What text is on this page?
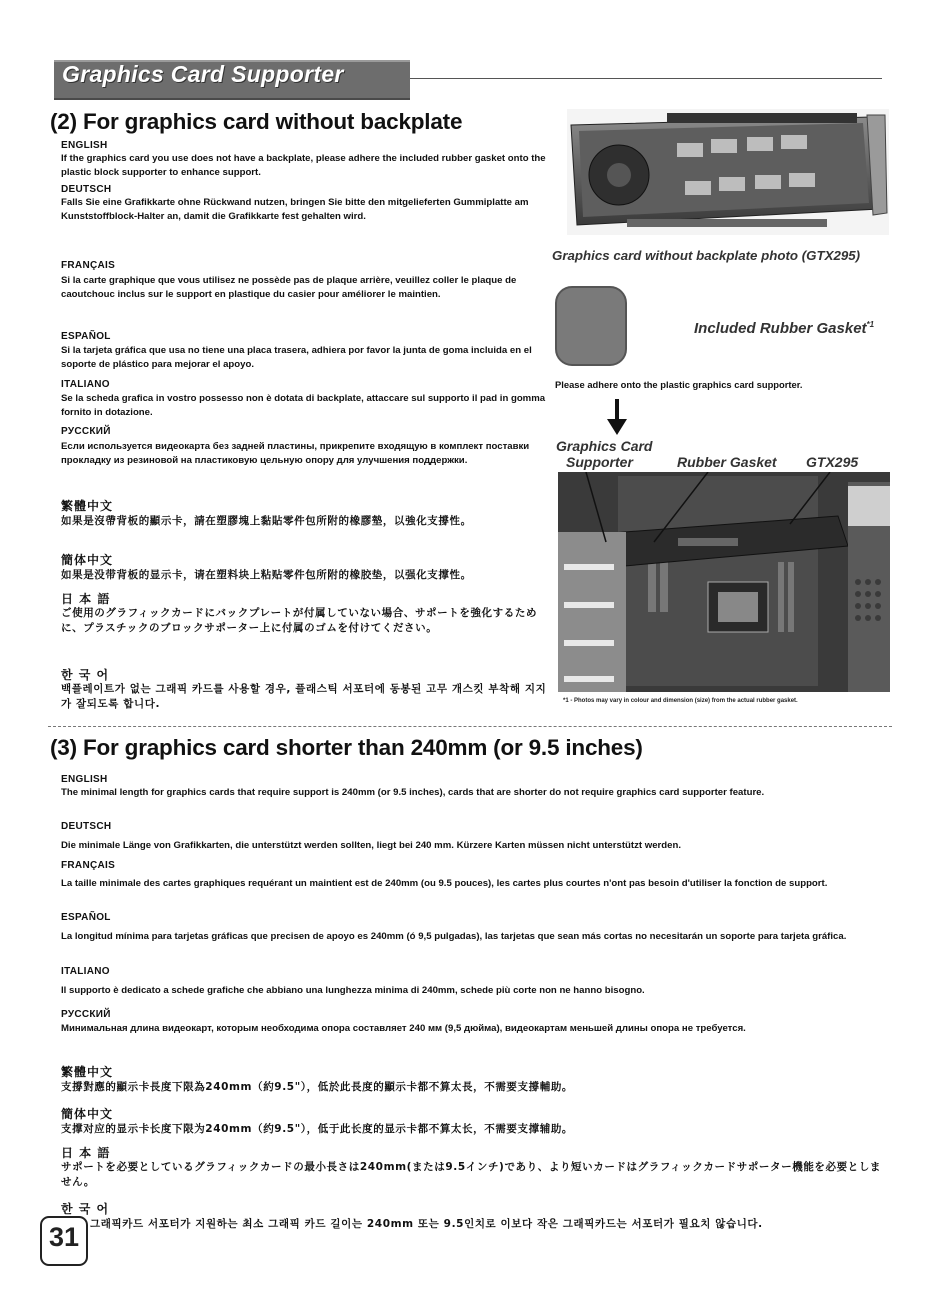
Graphics Card Supporter
(2) For graphics card without backplate
ENGLISH
If the graphics card you use does not have a backplate, please adhere the included rubber gasket onto the plastic block supporter to enhance support.
DEUTSCH
Falls Sie eine Grafikkarte ohne Rückwand nutzen, bringen Sie bitte den mitgelieferten Gummiplatte am Kunststoffblock-Halter an, damit die Grafikkarte fest gehalten wird.
FRANÇAIS
Si la carte graphique que vous utilisez ne possède pas de plaque arrière, veuillez coller le plaque de caoutchouc inclus sur le support en plastique du casier pour améliorer le maintien.
ESPAÑOL
Si la tarjeta gráfica que usa no tiene una placa trasera, adhiera por favor la junta de goma incluida en el soporte de plástico para mejorar el apoyo.
ITALIANO
Se la scheda grafica in vostro possesso non è dotata di backplate, attaccare sul supporto il pad in gomma fornito in dotazione.
РУССКИЙ
Если используется видеокарта без задней пластины, прикрепите входящую в комплект поставки прокладку из резиновой на пластиковую цельную опору для улучшения поддержки.
繁體中文
如果是沒帶背板的顯示卡，請在塑膠塊上黏貼零件包所附的橡膠墊，以強化支撐性。
簡体中文
如果是没带背板的显示卡，请在塑料块上粘贴零件包所附的橡胶垫，以强化支撑性。
日 本 語
ご使用のグラフィックカードにバックプレートが付属していない場合、サポートを強化するために、プラスチックのブロックサポーター上に付属のゴムを付けてください。
한 국 어
백플레이트가 없는 그래픽 카드를 사용할 경우, 플래스틱 서포터에 동봉된 고무 개스킷 부착해 지지가 잘되도록 합니다.
Graphics card without backplate photo (GTX295)
Included Rubber Gasket$^{*1}$
Please adhere onto the plastic graphics card supporter.
Graphics Card
Supporter	Rubber Gasket GTX295
*1 - Photos may vary in colour and dimension (size) from the actual rubber gasket.
(3) For graphics card shorter than 240mm (or 9.5 inches)
ENGLISH
The minimal length for graphics cards that require support is 240mm (or 9.5 inches), cards that are shorter do not require graphics card supporter feature.
DEUTSCH
Die minimale Länge von Grafikkarten, die unterstützt werden sollten, liegt bei 240 mm. Kürzere Karten müssen nicht unterstützt werden.
FRANÇAIS
La taille minimale des cartes graphiques requérant un maintient est de 240mm (ou 9.5 pouces), les cartes plus courtes n'ont pas besoin d'utiliser la fonction de support.
ESPAÑOL
La longitud mínima para tarjetas gráficas que precisen de apoyo es 240mm (ó 9,5 pulgadas), las tarjetas que sean más cortas no necesitarán un soporte para tarjeta gráfica.
ITALIANO
Il supporto è dedicato a schede grafiche che abbiano una lunghezza minima di 240mm, schede più corte non ne hanno bisogno.
РУССКИЙ
Минимальная длина видеокарт, которым необходима опора составляет 240 мм (9,5 дюйма), видеокартам меньшей длины опора не требуется.
繁體中文
支撐對應的顯示卡長度下限為240mm（約9.5"），低於此長度的顯示卡都不算太長，不需要支撐輔助。
簡体中文
支撑对应的显示卡长度下限为240mm（约9.5"），低于此长度的显示卡都不算太长，不需要支撑辅助。
日 本 語
サポートを必要としているグラフィックカードの最小長さは240mm(または9.5インチ)であり、より短いカードはグラフィックカードサポーター機能を必要としません。
한 국 어
그래픽카드 서포터가 지원하는 최소 그래픽 카드 길이는 240mm 또는 9.5인치로 이보다 작은 그래픽카드는 서포터가 필요치 않습니다.
31
